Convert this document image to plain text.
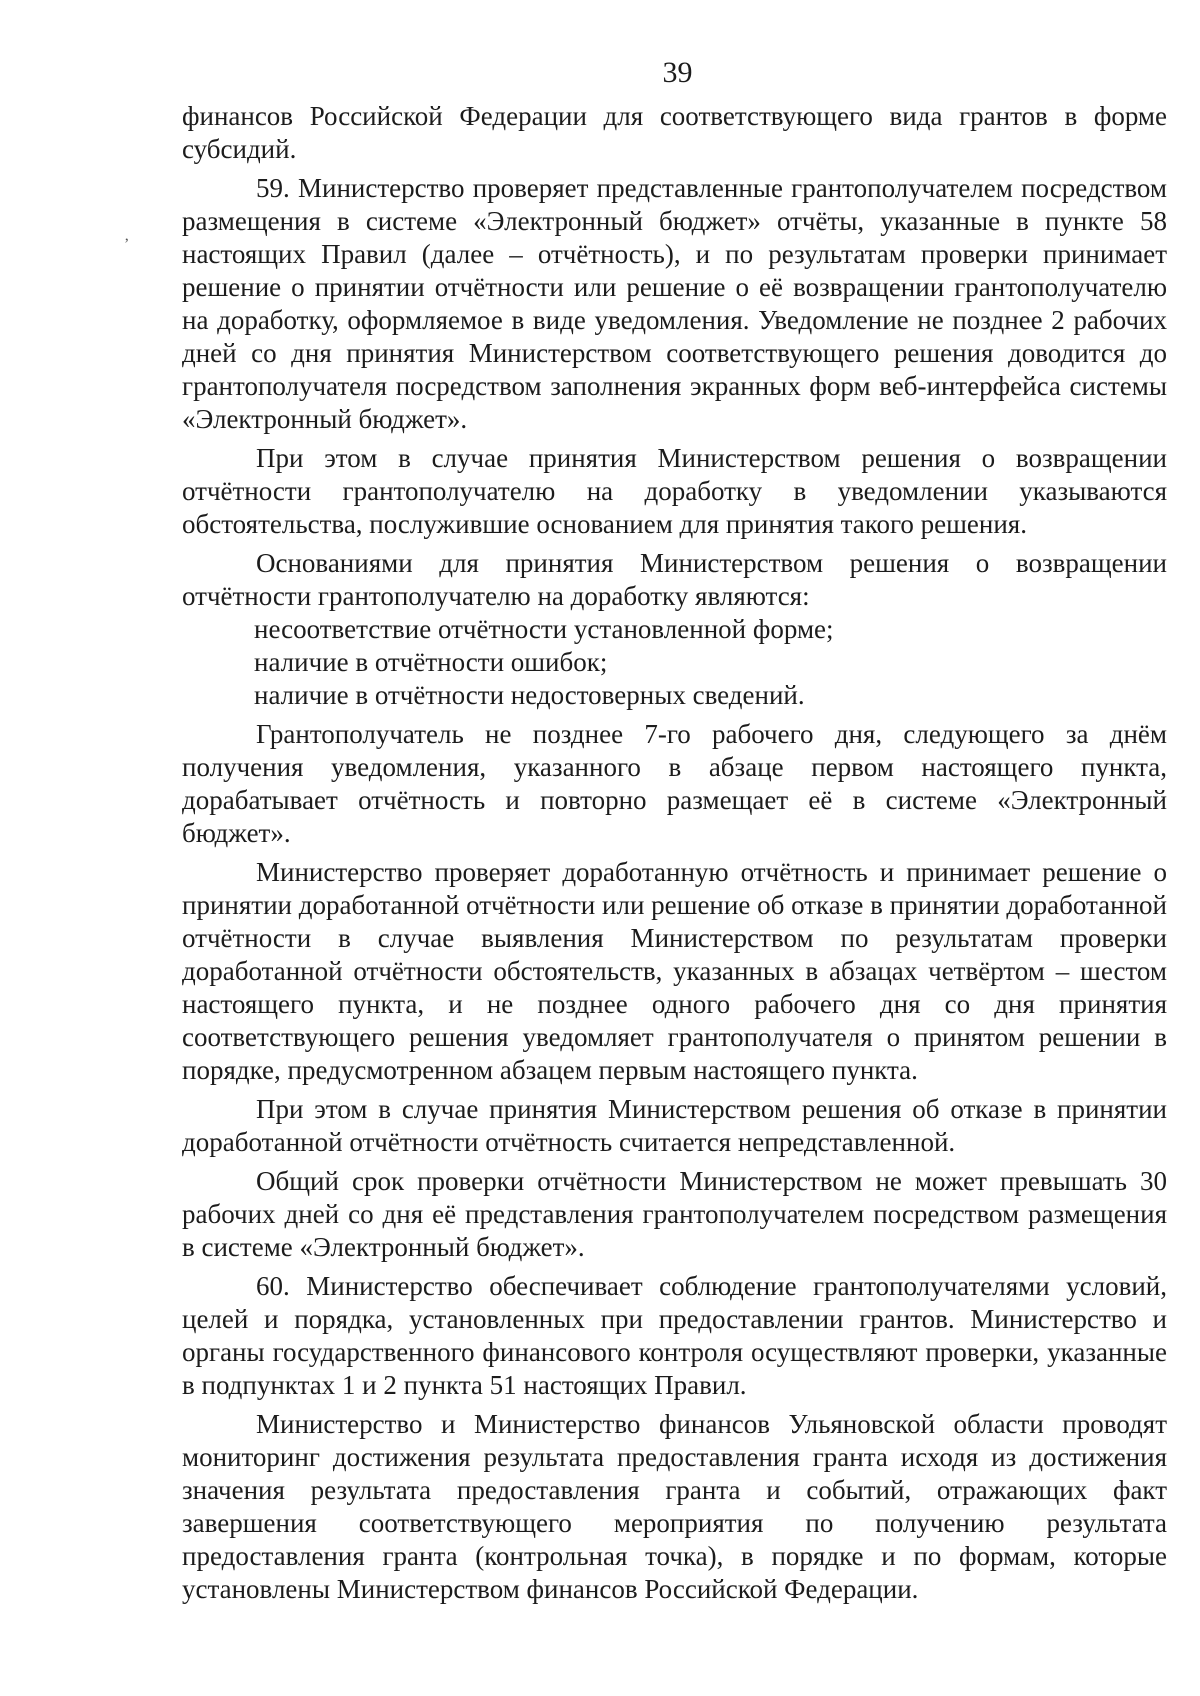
39

финансов Российской Федерации для соответствующего вида грантов в форме субсидий.

59. Министерство проверяет представленные грантополучателем посредством размещения в системе «Электронный бюджет» отчёты, указанные в пункте 58 настоящих Правил (далее – отчётность), и по результатам проверки принимает решение о принятии отчётности или решение о её возвращении грантополучателю на доработку, оформляемое в виде уведомления. Уведомление не позднее 2 рабочих дней со дня принятия Министерством соответствующего решения доводится до грантополучателя посредством заполнения экранных форм веб-интерфейса системы «Электронный бюджет».

При этом в случае принятия Министерством решения о возвращении отчётности грантополучателю на доработку в уведомлении указываются обстоятельства, послужившие основанием для принятия такого решения.

Основаниями для принятия Министерством решения о возвращении отчётности грантополучателю на доработку являются:

несоответствие отчётности установленной форме;

наличие в отчётности ошибок;

наличие в отчётности недостоверных сведений.

Грантополучатель не позднее 7-го рабочего дня, следующего за днём получения уведомления, указанного в абзаце первом настоящего пункта, дорабатывает отчётность и повторно размещает её в системе «Электронный бюджет».

Министерство проверяет доработанную отчётность и принимает решение о принятии доработанной отчётности или решение об отказе в принятии доработанной отчётности в случае выявления Министерством по результатам проверки доработанной отчётности обстоятельств, указанных в абзацах четвёртом – шестом настоящего пункта, и не позднее одного рабочего дня со дня принятия соответствующего решения уведомляет грантополучателя о принятом решении в порядке, предусмотренном абзацем первым настоящего пункта.

При этом в случае принятия Министерством решения об отказе в принятии доработанной отчётности отчётность считается непредставленной.

Общий срок проверки отчётности Министерством не может превышать 30 рабочих дней со дня её представления грантополучателем посредством размещения в системе «Электронный бюджет».

60. Министерство обеспечивает соблюдение грантополучателями условий, целей и порядка, установленных при предоставлении грантов. Министерство и органы государственного финансового контроля осуществляют проверки, указанные в подпунктах 1 и 2 пункта 51 настоящих Правил.

Министерство и Министерство финансов Ульяновской области проводят мониторинг достижения результата предоставления гранта исходя из достижения значения результата предоставления гранта и событий, отражающих факт завершения соответствующего мероприятия по получению результата предоставления гранта (контрольная точка), в порядке и по формам, которые установлены Министерством финансов Российской Федерации.

ʼ
